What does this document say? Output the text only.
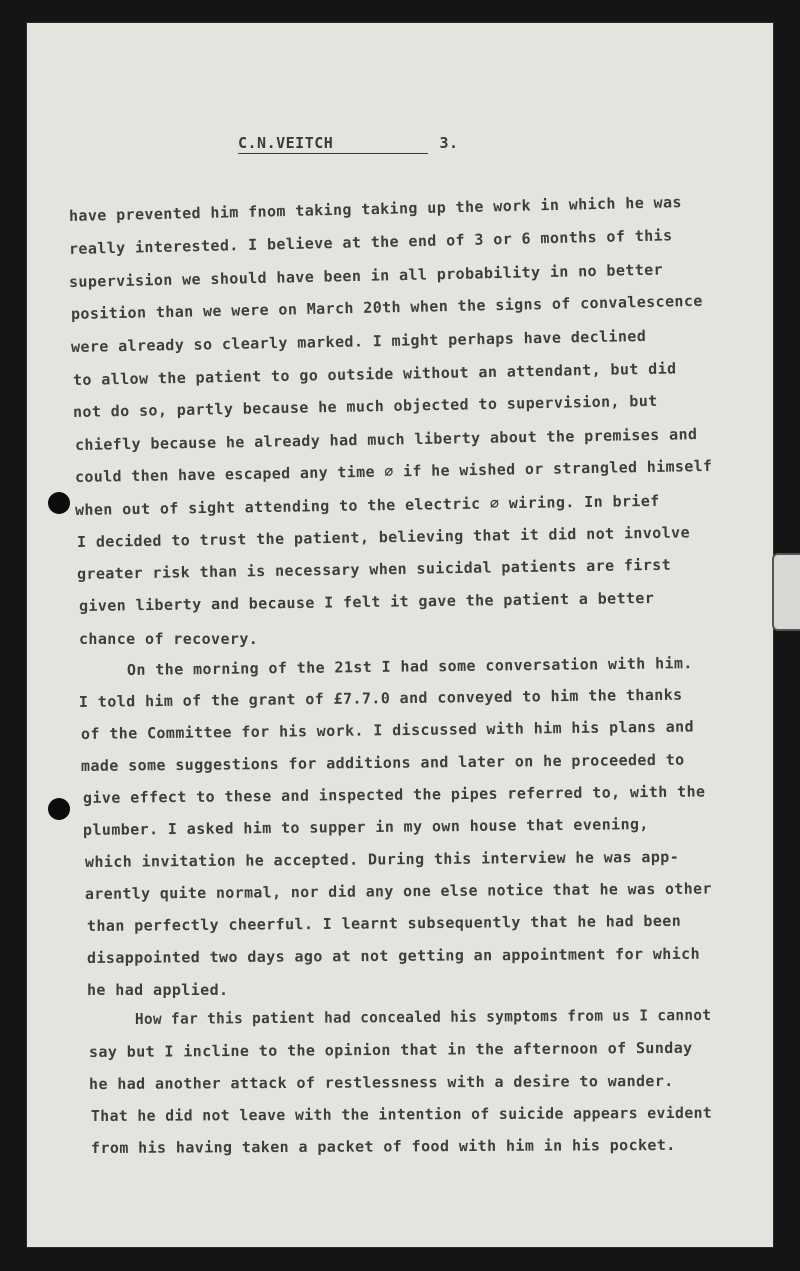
C.N.VEITCH	3.
have prevented him fnom taking taking up the work in which he was
really interested. I believe at the end of 3 or 6 months of this
supervision we should have been in all probability in no better
position than we were on March 20th when the signs of convalescence
were already so clearly marked. I might perhaps have declined
to allow the patient to go outside without an attendant, but did
not do so, partly because he much objected to supervision, but
chiefly because he already had much liberty about the premises and
could then have escaped any time ∅ if he wished or strangled himself
when out of sight attending to the electric ∅ wiring. In brief
I decided to trust the patient, believing that it did not involve
greater risk than is necessary when suicidal patients are first
given liberty and because I felt it gave the patient a better
chance of recovery.
On the morning of the 21st I had some conversation with him.
I told him of the grant of £7.7.0 and conveyed to him the thanks
of the Committee for his work. I discussed with him his plans and
made some suggestions for additions and later on he proceeded to
give effect to these and inspected the pipes referred to, with the
plumber. I asked him to supper in my own house that evening,
which invitation he accepted. During this interview he was app-
arently quite normal, nor did any one else notice that he was other
than perfectly cheerful. I learnt subsequently that he had been
disappointed two days ago at not getting an appointment for which
he had applied.
How far this patient had concealed his symptoms from us I cannot
say but I incline to the opinion that in the afternoon of Sunday
he had another attack of restlessness with a desire to wander.
That he did not leave with the intention of suicide appears evident
from his having taken a packet of food with him in his pocket.
